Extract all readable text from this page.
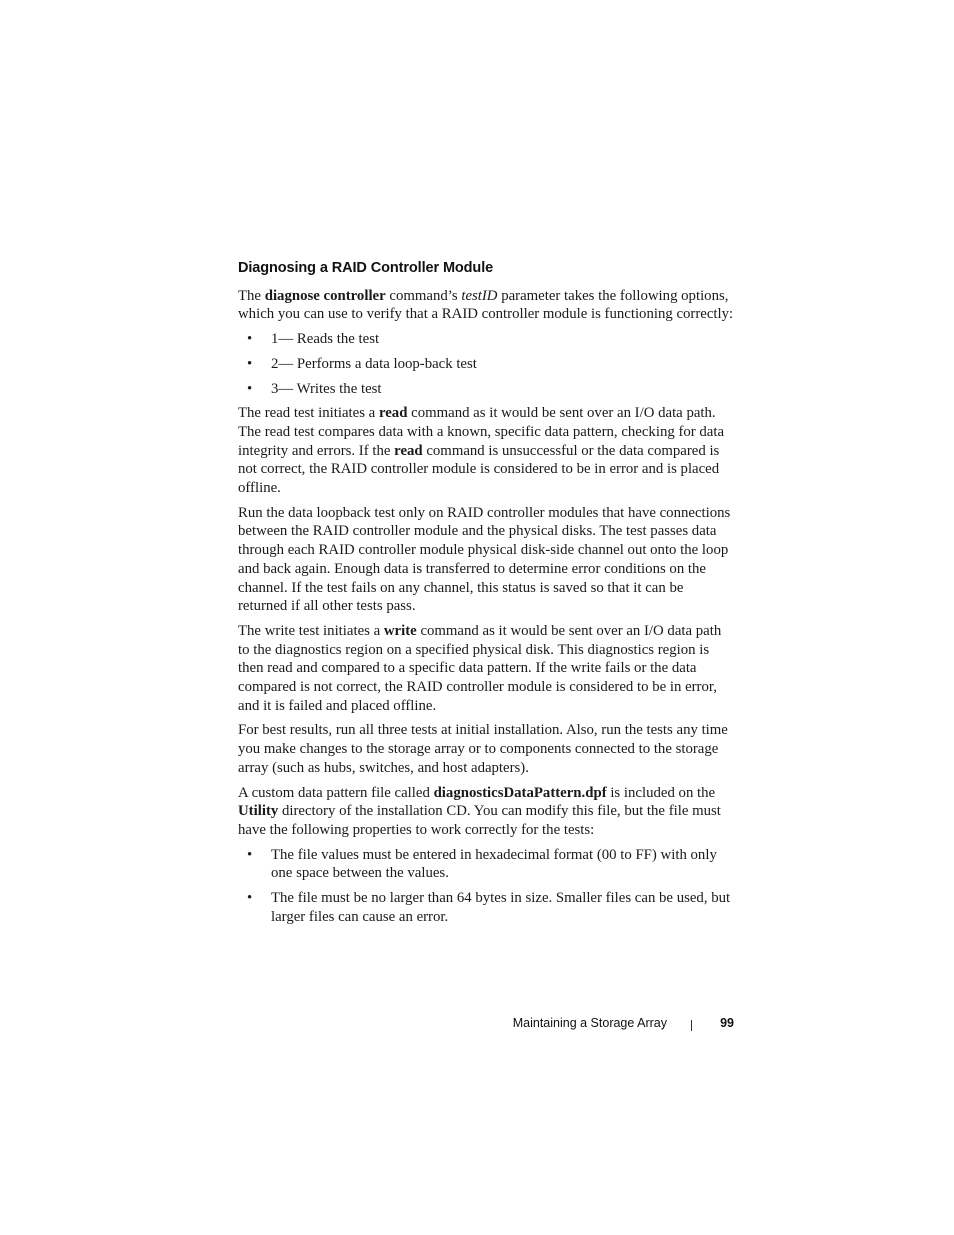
Diagnosing a RAID Controller Module

The diagnose controller command’s testID parameter takes the following options, which you can use to verify that a RAID controller module is functioning correctly:

• 1— Reads the test
• 2— Performs a data loop-back test
• 3— Writes the test

The read test initiates a read command as it would be sent over an I/O data path. The read test compares data with a known, specific data pattern, checking for data integrity and errors. If the read command is unsuccessful or the data compared is not correct, the RAID controller module is considered to be in error and is placed offline.

Run the data loopback test only on RAID controller modules that have connections between the RAID controller module and the physical disks. The test passes data through each RAID controller module physical disk-side channel out onto the loop and back again. Enough data is transferred to determine error conditions on the channel. If the test fails on any channel, this status is saved so that it can be returned if all other tests pass.

The write test initiates a write command as it would be sent over an I/O data path to the diagnostics region on a specified physical disk. This diagnostics region is then read and compared to a specific data pattern. If the write fails or the data compared is not correct, the RAID controller module is considered to be in error, and it is failed and placed offline.

For best results, run all three tests at initial installation. Also, run the tests any time you make changes to the storage array or to components connected to the storage array (such as hubs, switches, and host adapters).

A custom data pattern file called diagnosticsDataPattern.dpf is included on the Utility directory of the installation CD. You can modify this file, but the file must have the following properties to work correctly for the tests:

• The file values must be entered in hexadecimal format (00 to FF) with only one space between the values.
• The file must be no larger than 64 bytes in size. Smaller files can be used, but larger files can cause an error.
Maintaining a Storage Array	99
